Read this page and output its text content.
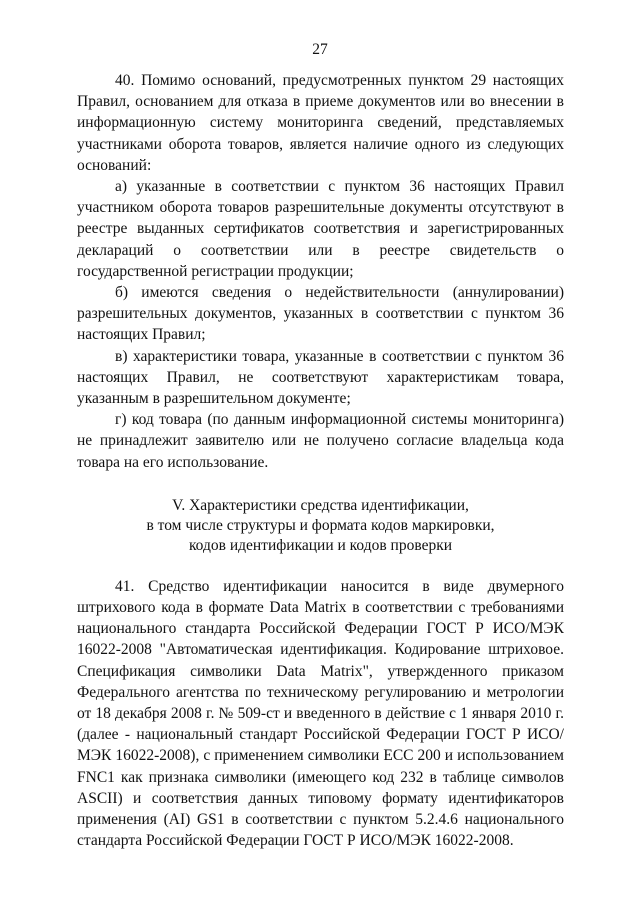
27

40. Помимо оснований, предусмотренных пунктом 29 настоящих Правил, основанием для отказа в приеме документов или во внесении в информационную систему мониторинга сведений, представляемых участниками оборота товаров, является наличие одного из следующих оснований:

а) указанные в соответствии с пунктом 36 настоящих Правил участником оборота товаров разрешительные документы отсутствуют в реестре выданных сертификатов соответствия и зарегистрированных деклараций о соответствии или в реестре свидетельств о государственной регистрации продукции;

б) имеются сведения о недействительности (аннулировании) разрешительных документов, указанных в соответствии с пунктом 36 настоящих Правил;

в) характеристики товара, указанные в соответствии с пунктом 36 настоящих Правил, не соответствуют характеристикам товара, указанным в разрешительном документе;

г) код товара (по данным информационной системы мониторинга) не принадлежит заявителю или не получено согласие владельца кода товара на его использование.

V. Характеристики средства идентификации,
в том числе структуры и формата кодов маркировки,
кодов идентификации и кодов проверки

41. Средство идентификации наносится в виде двумерного штрихового кода в формате Data Matrix в соответствии с требованиями национального стандарта Российской Федерации ГОСТ Р ИСО/МЭК 16022-2008 "Автоматическая идентификация. Кодирование штриховое. Спецификация символики Data Matrix", утвержденного приказом Федерального агентства по техническому регулированию и метрологии от 18 декабря 2008 г. № 509-ст и введенного в действие с 1 января 2010 г. (далее - национальный стандарт Российской Федерации ГОСТ Р ИСО/МЭК 16022-2008), с применением символики ECC 200 и использованием FNC1 как признака символики (имеющего код 232 в таблице символов ASCII) и соответствия данных типовому формату идентификаторов применения (AI) GS1 в соответствии с пунктом 5.2.4.6 национального стандарта Российской Федерации ГОСТ Р ИСО/МЭК 16022-2008.
